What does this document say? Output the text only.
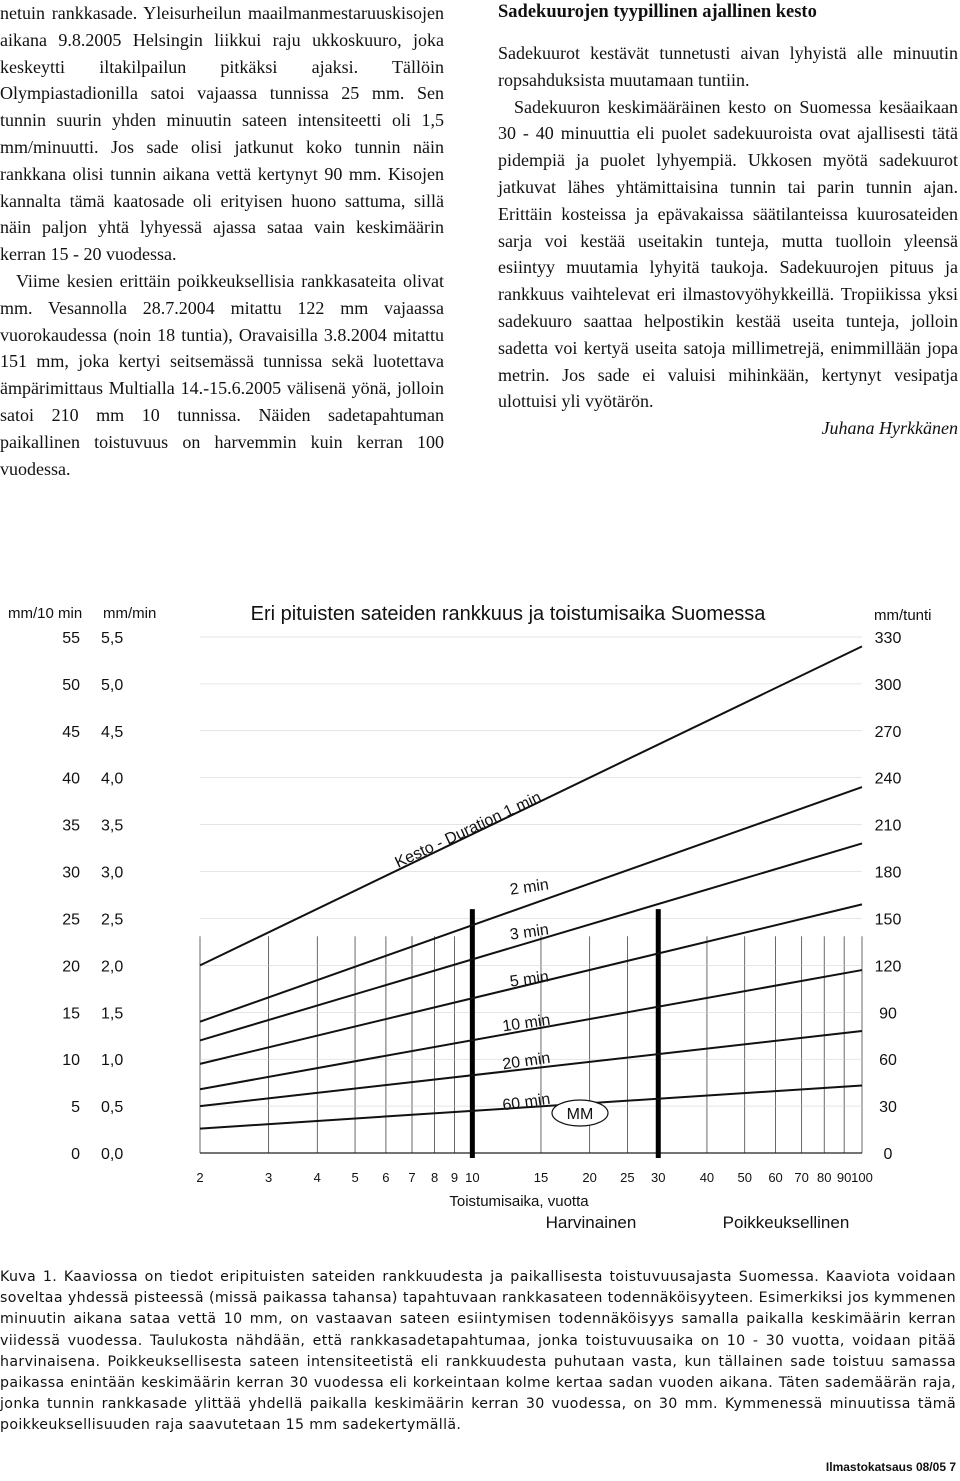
netuin rankkasade. Yleisurheilun maailmanmestaruuskisojen aikana 9.8.2005 Helsingin liikkui raju ukkoskuuro, joka keskeytti iltakilpailun pitkäksi ajaksi. Tällöin Olympiastadionilla satoi vajaassa tunnissa 25 mm. Sen tunnin suurin yhden minuutin sateen intensiteetti oli 1,5 mm/minuutti. Jos sade olisi jatkunut koko tunnin näin rankkana olisi tunnin aikana vettä kertynyt 90 mm. Kisojen kannalta tämä kaatosade oli erityisen huono sattuma, sillä näin paljon yhtä lyhyessä ajassa sataa vain keskimäärin kerran 15 - 20 vuodessa.

Viime kesien erittäin poikkeuksellisia rankkasateita olivat mm. Vesannolla 28.7.2004 mitattu 122 mm vajaassa vuorokaudessa (noin 18 tuntia), Oravaisilla 3.8.2004 mitattu 151 mm, joka kertyi seitsemässä tunnissa sekä luotettava ämpärimittaus Multialla 14.-15.6.2005 välisenä yönä, jolloin satoi 210 mm 10 tunnissa. Näiden sadetapahtuman paikallinen toistuvuus on harvemmin kuin kerran 100 vuodessa.

Sadekuurojen tyypillinen ajallinen kesto

Sadekuurot kestävät tunnetusti aivan lyhyistä alle minuutin ropsahduksista muutamaan tuntiin.

Sadekuuron keskimääräinen kesto on Suomessa kesäaikaan 30 - 40 minuuttia eli puolet sadekuuroista ovat ajallisesti tätä pidempiä ja puolet lyhyempiä. Ukkosen myötä sadekuurot jatkuvat lähes yhtämittaisina tunnin tai parin tunnin ajan. Erittäin kosteissa ja epävakaissa säätilanteissa kuurosateiden sarja voi kestää useitakin tunteja, mutta tuolloin yleensä esiintyy muutamia lyhyitä taukoja. Sadekuurojen pituus ja rankkuus vaihtelevat eri ilmastovyöhykkeillä. Tropiikissa yksi sadekuuro saattaa helpostikin kestää useita tunteja, jolloin sadetta voi kertyä useita satoja millimetrejä, enimmillään jopa metrin. Jos sade ei valuisi mihinkään, kertynyt vesipatja ulottuisi yli vyötärön.

Juhana Hyrkkänen

2	3	4 5 6 7 8 9 10	15	20 25 30	40 50 60 70 80 90 100
55
50
45
40
35
30
25
20
15
10
5
0
5,5
5,0
4,5
4,0
3,5
3,0
2,5
2,0
1,5
1,0
0,5
0,0
330
300
270
240
210
180
150
120
90
60
30
0
mm/10 min mm/min	mm/tunti
Eri pituisten sateiden rankkuus ja toistumisaika Suomessa
Harvinainen	Poikkeuksellinen
Kesto - Duration 1 min
2 min
3 min
5 min
10 min
20 min
60 min
MM
Toistumisaika, vuotta
Kuva 1. Kaaviossa on tiedot eripituisten sateiden rankkuudesta ja paikallisesta toistuvuusajasta Suomessa. Kaaviota voidaan soveltaa yhdessä pisteessä (missä paikassa tahansa) tapahtuvaan rankkasateen todennäköisyyteen. Esimerkiksi jos kymmenen minuutin aikana sataa vettä 10 mm, on vastaavan sateen esiintymisen todennäköisyys samalla paikalla keskimäärin kerran viidessä vuodessa. Taulukosta nähdään, että rankkasadetapahtumaa, jonka toistuvuusaika on 10 - 30 vuotta, voidaan pitää harvinaisena. Poikkeuksellisesta sateen intensiteetistä eli rankkuudesta puhutaan vasta, kun tällainen sade toistuu samassa paikassa enintään keskimäärin kerran 30 vuodessa eli korkeintaan kolme kertaa sadan vuoden aikana. Täten sademäärän raja, jonka tunnin rankkasade ylittää yhdellä paikalla keskimäärin kerran 30 vuodessa, on 30 mm. Kymmenessä minuutissa tämä poikkeuksellisuuden raja saavutetaan 15 mm sadekertymällä.
Ilmastokatsaus 08/05 7
